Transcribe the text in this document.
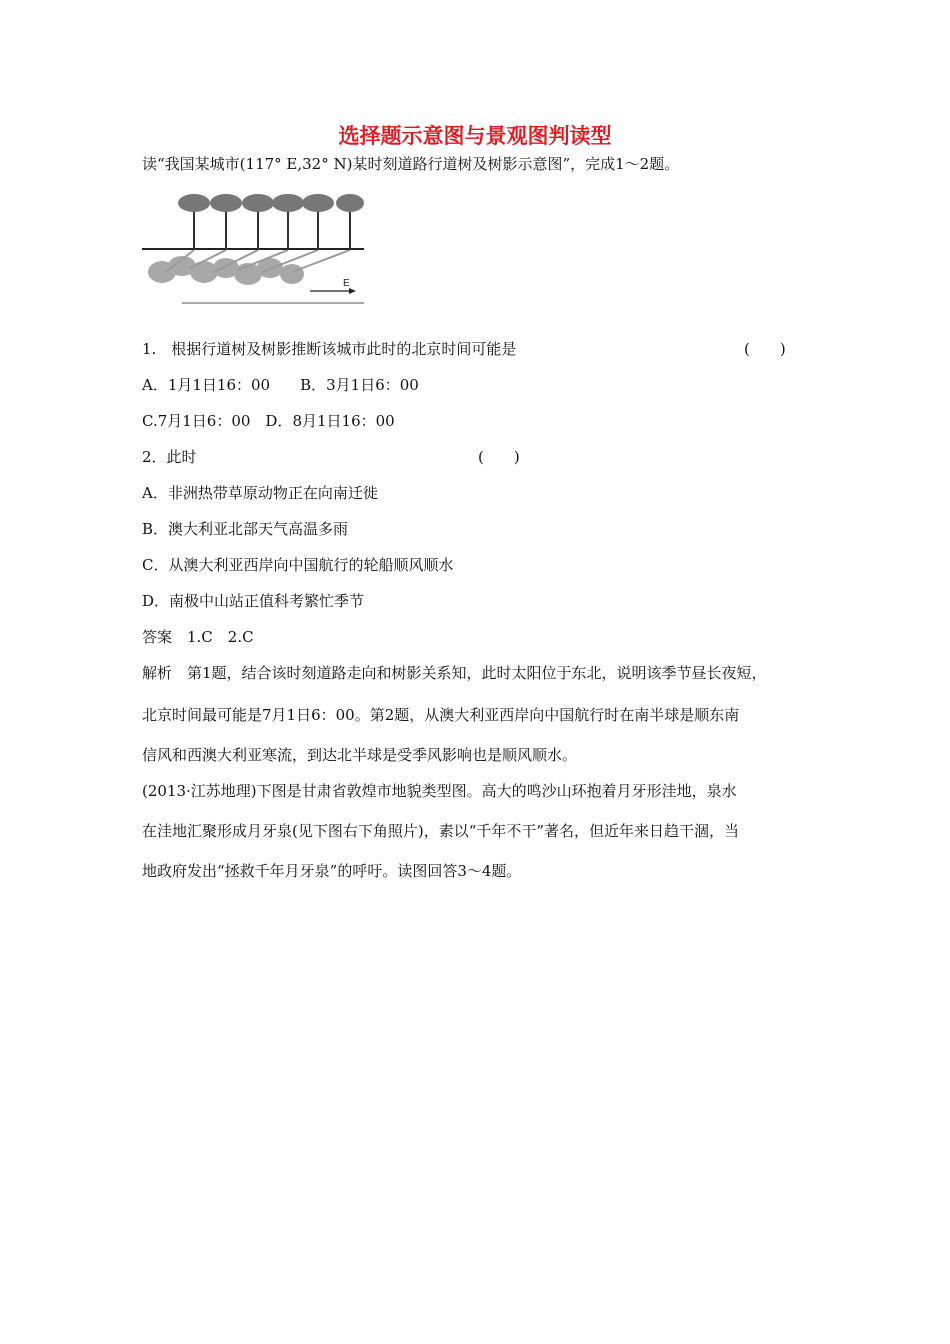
选择题示意图与景观图判读型
读“我国某城市(117° E,32° N)某时刻道路行道树及树影示意图”，完成1～2题。
E
1.　根据行道树及树影推断该城市此时的北京时间可能是	(　　)
A．1月1日16：00　　B．3月1日6：00
C.7月1日6：00　D．8月1日16：00
2．此时	(　　)
A．非洲热带草原动物正在向南迁徙
B．澳大利亚北部天气高温多雨
C．从澳大利亚西岸向中国航行的轮船顺风顺水
D．南极中山站正值科考繁忙季节
答案　1.C　2.C
解析　第1题，结合该时刻道路走向和树影关系知，此时太阳位于东北，说明该季节昼长夜短，
北京时间最可能是7月1日6：00。第2题，从澳大利亚西岸向中国航行时在南半球是顺东南
信风和西澳大利亚寒流，到达北半球是受季风影响也是顺风顺水。
(2013·江苏地理)下图是甘肃省敦煌市地貌类型图。高大的鸣沙山环抱着月牙形洼地，泉水
在洼地汇聚形成月牙泉(见下图右下角照片)，素以“千年不干”著名，但近年来日趋干涸，当
地政府发出“拯救千年月牙泉”的呼吁。读图回答3～4题。
